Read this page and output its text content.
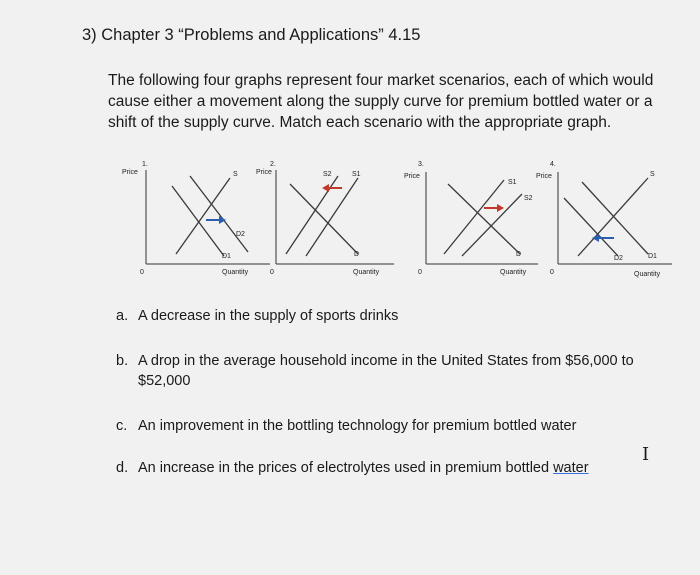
3) Chapter 3 “Problems and Applications” 4.15
The following four graphs represent four market scenarios, each of which would cause either a movement along the supply curve for premium bottled water or a shift of the supply curve. Match each scenario with the appropriate graph.
1.
Price
0	Quantity
S
D1
D2
2.
Price
0	Quantity
S2	S1
D
3.
Price
0	Quantity
S1
S2
D
4.
Price
0	Quantity
S
D2	D1
a. A decrease in the supply of sports drinks
b. A drop in the average household income in the United States from $56,000 to
$52,000
c. An improvement in the bottling technology for premium bottled water
d. An increase in the prices of electrolytes used in premium bottled water
I
